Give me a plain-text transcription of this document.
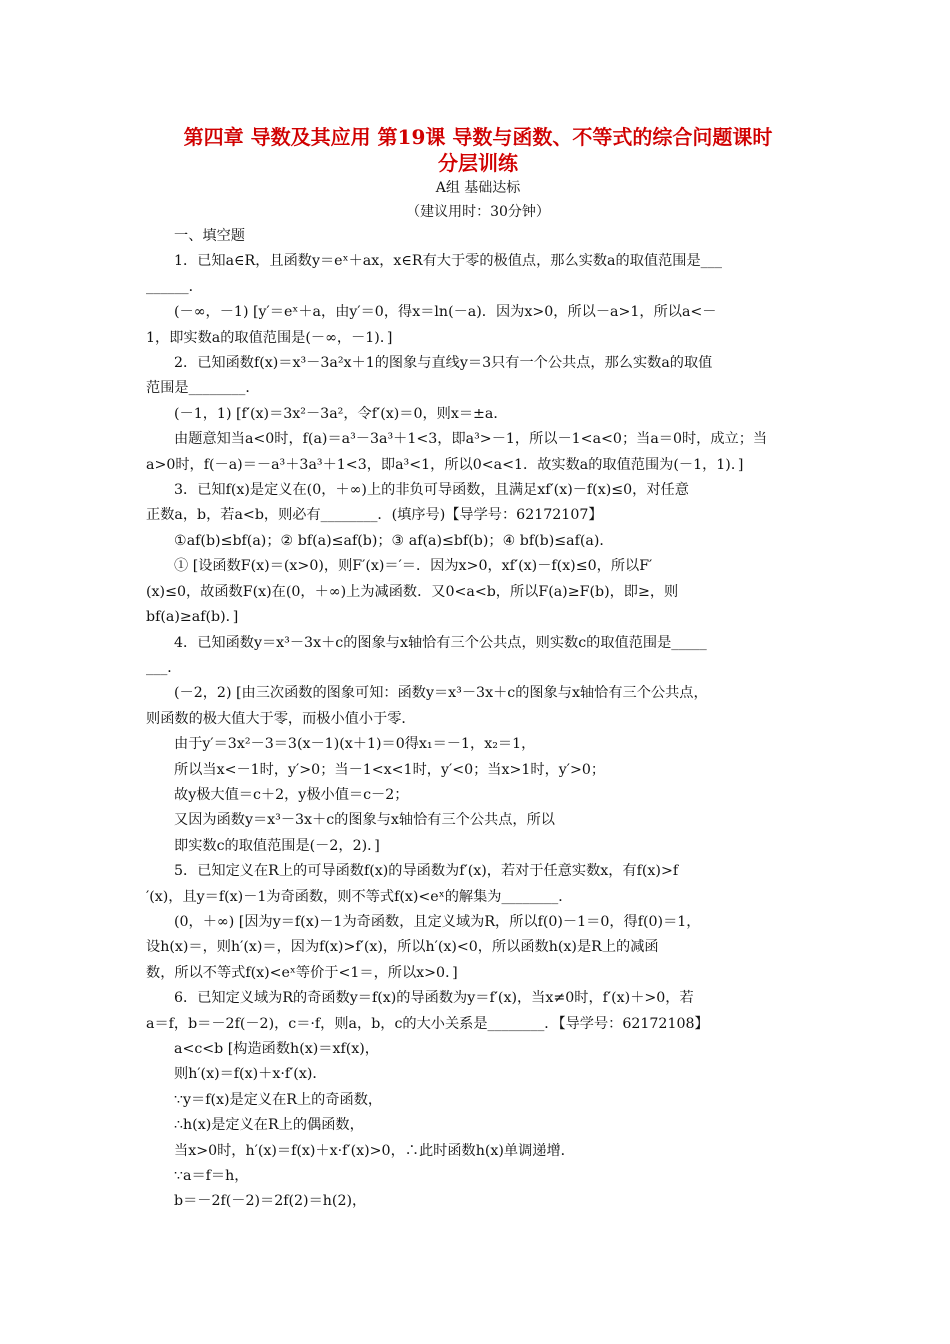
第四章 导数及其应用 第19课 导数与函数、不等式的综合问题课时
分层训练
A组 基础达标
（建议用时：30分钟）
一、填空题
1．已知a∈R，且函数y＝eˣ＋ax，x∈R有大于零的极值点，那么实数a的取值范围是___
______．
(－∞，－1) [y′＝eˣ＋a，由y′＝0，得x＝ln(－a)．因为x>0，所以－a>1，所以a<－
1，即实数a的取值范围是(－∞，－1)．]
2．已知函数f(x)＝x³－3a²x＋1的图象与直线y＝3只有一个公共点，那么实数a的取值
范围是________．
(－1，1) [f′(x)＝3x²－3a²，令f′(x)＝0，则x＝±a．
由题意知当a<0时，f(a)＝a³－3a³＋1<3，即a³>－1，所以－1<a<0；当a＝0时，成立；当
a>0时，f(－a)＝－a³＋3a³＋1<3，即a³<1，所以0<a<1．故实数a的取值范围为(－1，1)．]
3．已知f(x)是定义在(0，＋∞)上的非负可导函数，且满足xf′(x)－f(x)≤0，对任意
正数a，b，若a<b，则必有________．(填序号)【导学号：62172107】
①af(b)≤bf(a)；② bf(a)≤af(b)；③ af(a)≤bf(b)；④ bf(b)≤af(a)．
① [设函数F(x)＝(x>0)，则F′(x)＝′＝．因为x>0，xf′(x)－f(x)≤0，所以F′
(x)≤0，故函数F(x)在(0，＋∞)上为减函数．又0<a<b，所以F(a)≥F(b)，即≥，则
bf(a)≥af(b)．]
4．已知函数y＝x³－3x＋c的图象与x轴恰有三个公共点，则实数c的取值范围是_____
___．
(－2，2) [由三次函数的图象可知：函数y＝x³－3x＋c的图象与x轴恰有三个公共点，
则函数的极大值大于零，而极小值小于零．
由于y′＝3x²－3＝3(x－1)(x＋1)＝0得x₁＝－1，x₂＝1，
所以当x<－1时，y′>0；当－1<x<1时，y′<0；当x>1时，y′>0；
故y极大值＝c＋2，y极小值＝c－2；
又因为函数y＝x³－3x＋c的图象与x轴恰有三个公共点，所以
即实数c的取值范围是(－2，2)．]
5．已知定义在R上的可导函数f(x)的导函数为f′(x)，若对于任意实数x，有f(x)>f
′(x)，且y＝f(x)－1为奇函数，则不等式f(x)<eˣ的解集为________．
(0，＋∞) [因为y＝f(x)－1为奇函数，且定义域为R，所以f(0)－1＝0，得f(0)＝1，
设h(x)＝，则h′(x)＝，因为f(x)>f′(x)，所以h′(x)<0，所以函数h(x)是R上的减函
数，所以不等式f(x)<eˣ等价于<1＝，所以x>0．]
6．已知定义域为R的奇函数y＝f(x)的导函数为y＝f′(x)，当x≠0时，f′(x)＋>0，若
a＝f，b＝－2f(－2)，c＝·f，则a，b，c的大小关系是________．【导学号：62172108】
a<c<b [构造函数h(x)＝xf(x)，
则h′(x)＝f(x)＋x·f′(x)．
∵y＝f(x)是定义在R上的奇函数，
∴h(x)是定义在R上的偶函数，
当x>0时，h′(x)＝f(x)＋x·f′(x)>0，∴此时函数h(x)单调递增．
∵a＝f＝h，
b＝－2f(－2)＝2f(2)＝h(2)，
